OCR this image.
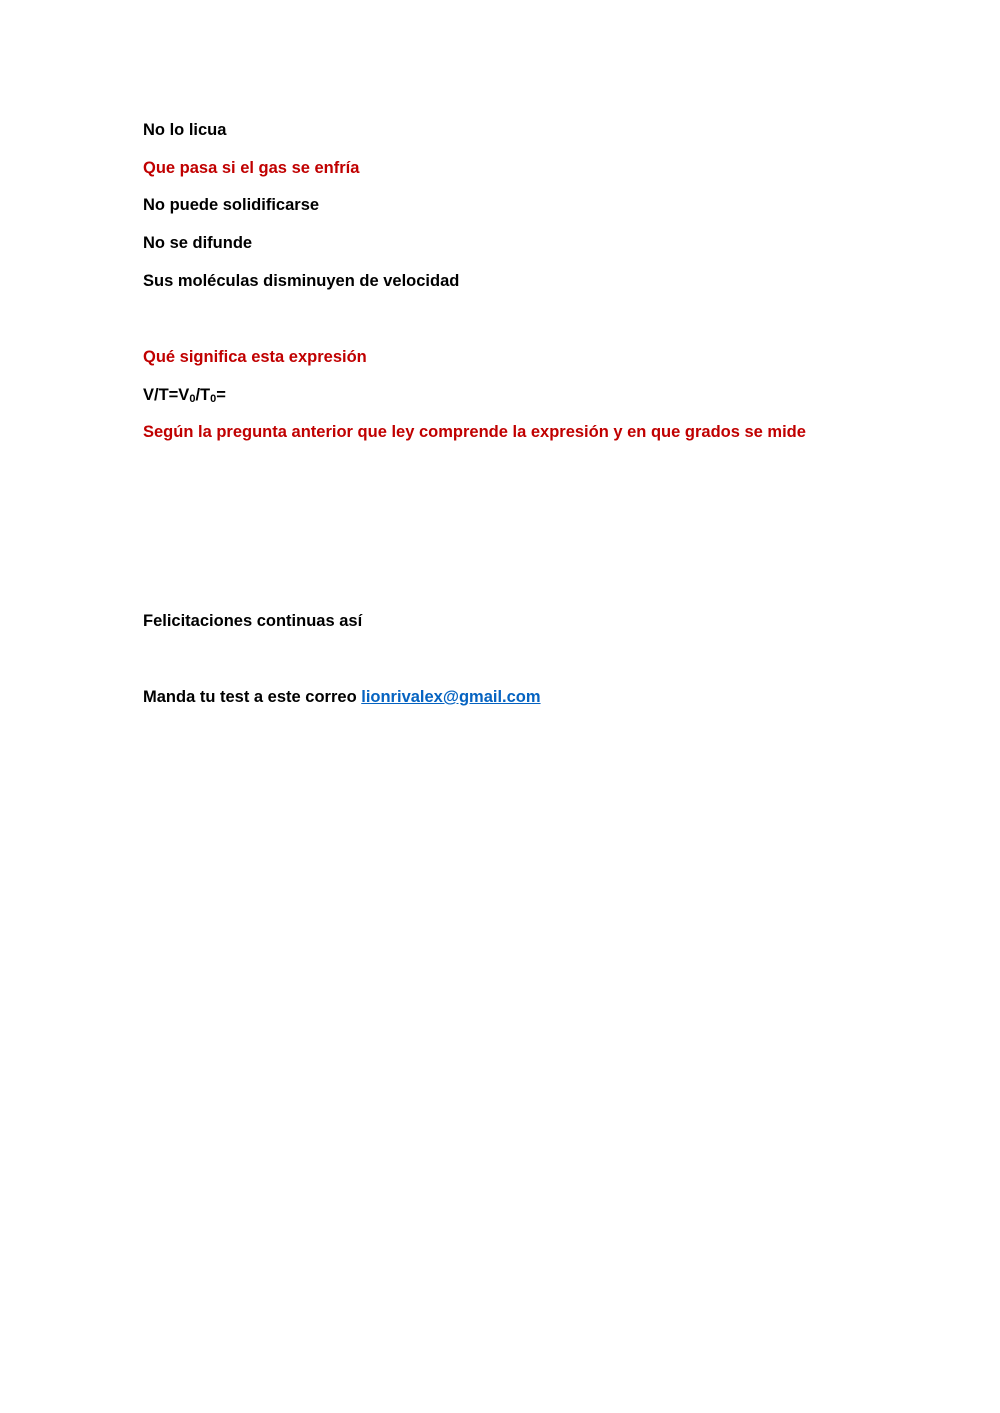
No lo licua
Que pasa si el gas se enfría
No puede solidificarse
No se difunde
Sus moléculas disminuyen de velocidad
Qué significa esta expresión
$V/T=V_0/T_0=$
Según la pregunta anterior que ley comprende la expresión y en que grados se mide
Felicitaciones continuas así
Manda tu test a este correo lionrivalex@gmail.com
